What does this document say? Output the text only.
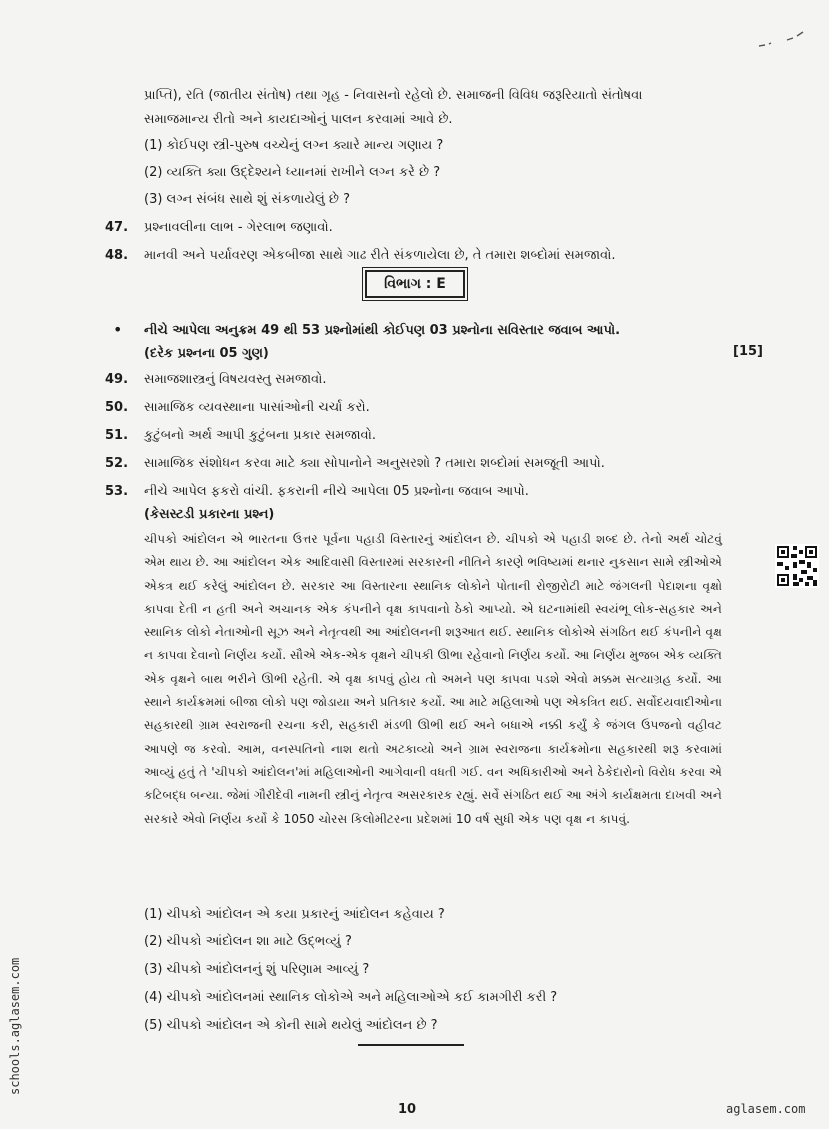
પ્રાપ્તિ), રતિ (જાતીય સંતોષ) તથા ગૃહ - નિવાસનો રહેલો છે. સમાજની વિવિધ જરૂરિયાતો સંતોષવા
સમાજમાન્ય રીતો અને કાયદાઓનું પાલન કરવામાં આવે છે.
(1) કોઈપણ સ્ત્રી-પુરુષ વચ્ચેનું લગ્ન ક્યારે માન્ય ગણાય ?
(2) વ્યક્તિ ક્યા ઉદ્દેશ્યને ધ્યાનમાં રાખીને લગ્ન કરે છે ?
(3) લગ્ન સંબંધ સાથે શું સંકળાયેલું છે ?
47.	પ્રશ્નાવલીના લાભ - ગેરલાભ જણાવો.
48.	માનવી અને પર્યાવરણ એકબીજા સાથે ગાઢ રીતે સંકળાયેલા છે, તે તમારા શબ્દોમાં સમજાવો.
વિભાગ : E
• નીચે આપેલા અનુક્રમ 49 થી 53 પ્રશ્નોમાંથી કોઈપણ 03 પ્રશ્નોના સવિસ્તાર જવાબ આપો.
(દરેક પ્રશ્નના 05 ગુણ)	[15]
49.	સમાજશાસ્ત્રનું વિષયવસ્તુ સમજાવો.
50.	સામાજિક વ્યવસ્થાના પાસાંઓની ચર્ચા કરો.
51.	કુટુંબનો અર્થ આપી કુટુંબના પ્રકાર સમજાવો.
52.	સામાજિક સંશોધન કરવા માટે ક્યા સોપાનોને અનુસરશો ? તમારા શબ્દોમાં સમજૂતી આપો.
53.	નીચે આપેલ ફકરો વાંચી. ફકરાની નીચે આપેલા 05 પ્રશ્નોના જવાબ આપો.
(કેસસ્ટડી પ્રકારના પ્રશ્ન)
ચીપકો આંદોલન એ ભારતના ઉત્તર પૂર્વના પહાડી વિસ્તારનું આંદોલન છે. ચીપકો એ પહાડી શબ્દ છે. તેનો અર્થ ચોટવું એમ થાય છે. આ આંદોલન એક આદિવાસી વિસ્તારમાં સરકારની નીતિને કારણે ભવિષ્યમાં થનાર નુકસાન સામે સ્ત્રીઓએ એકત્ર થઈ કરેલું આંદોલન છે. સરકાર આ વિસ્તારના સ્થાનિક લોકોને પોતાની રોજીરોટી માટે જંગલની પેદાશના વૃક્ષો કાપવા દેતી ન હતી અને અચાનક એક કંપનીને વૃક્ષ કાપવાનો ઠેકો આપ્યો. એ ઘટનામાંથી સ્વયંભૂ લોક-સહકાર અને સ્થાનિક લોકો નેતાઓની સૂઝ અને નેતૃત્વથી આ આંદોલનની શરૂઆત થઈ. સ્થાનિક લોકોએ સંગઠિત થઈ કંપનીને વૃક્ષ ન કાપવા દેવાનો નિર્ણય કર્યો. સૌએ એક-એક વૃક્ષને ચીપકી ઊભા રહેવાનો નિર્ણય કર્યો. આ નિર્ણય મુજબ એક વ્યક્તિ એક વૃક્ષને બાથ ભરીને ઊભી રહેતી. એ વૃક્ષ કાપવું હોય તો અમને પણ કાપવા પડશે એવો મક્કમ સત્યાગ્રહ કર્યો. આ સ્થાને કાર્યક્રમમાં બીજા લોકો પણ જોડાયા અને પ્રતિકાર કર્યો. આ માટે મહિલાઓ પણ એકત્રિત થઈ. સર્વોદયવાદીઓના સહકારથી ગ્રામ સ્વરાજની રચના કરી, સહકારી મંડળી ઊભી થઈ અને બધાએ નક્કી કર્યું કે જંગલ ઉપજનો વહીવટ આપણે જ કરવો. આમ, વનસ્પતિનો નાશ થતો અટકાવ્યો અને ગ્રામ સ્વરાજના કાર્યક્રમોના સહકારથી શરૂ કરવામાં આવ્યું હતું તે 'ચીપકો આંદોલન'માં મહિલાઓની આગેવાની વધતી ગઈ. વન અધિકારીઓ અને ઠેકેદારોનો વિરોધ કરવા એ કટિબદ્ધ બન્યા. જેમાં ગૌરીદેવી નામની સ્ત્રીનું નેતૃત્વ અસરકારક રહ્યું. સર્વે સંગઠિત થઈ આ અંગે કાર્યક્ષમતા દાખવી અને સરકારે એવો નિર્ણય કર્યો કે 1050 ચોરસ કિલોમીટરના પ્રદેશમાં 10 વર્ષ સુધી એક પણ વૃક્ષ ન કાપવું.
(1) ચીપકો આંદોલન એ કયા પ્રકારનું આંદોલન કહેવાય ?
(2) ચીપકો આંદોલન શા માટે ઉદ્ભવ્યું ?
(3) ચીપકો આંદોલનનું શું પરિણામ આવ્યું ?
(4) ચીપકો આંદોલનમાં સ્થાનિક લોકોએ અને મહિલાઓએ કઈ કામગીરી કરી ?
(5) ચીપકો આંદોલન એ કોની સામે થયેલું આંદોલન છે ?
10	aglasem.com
schools.aglasem.com
